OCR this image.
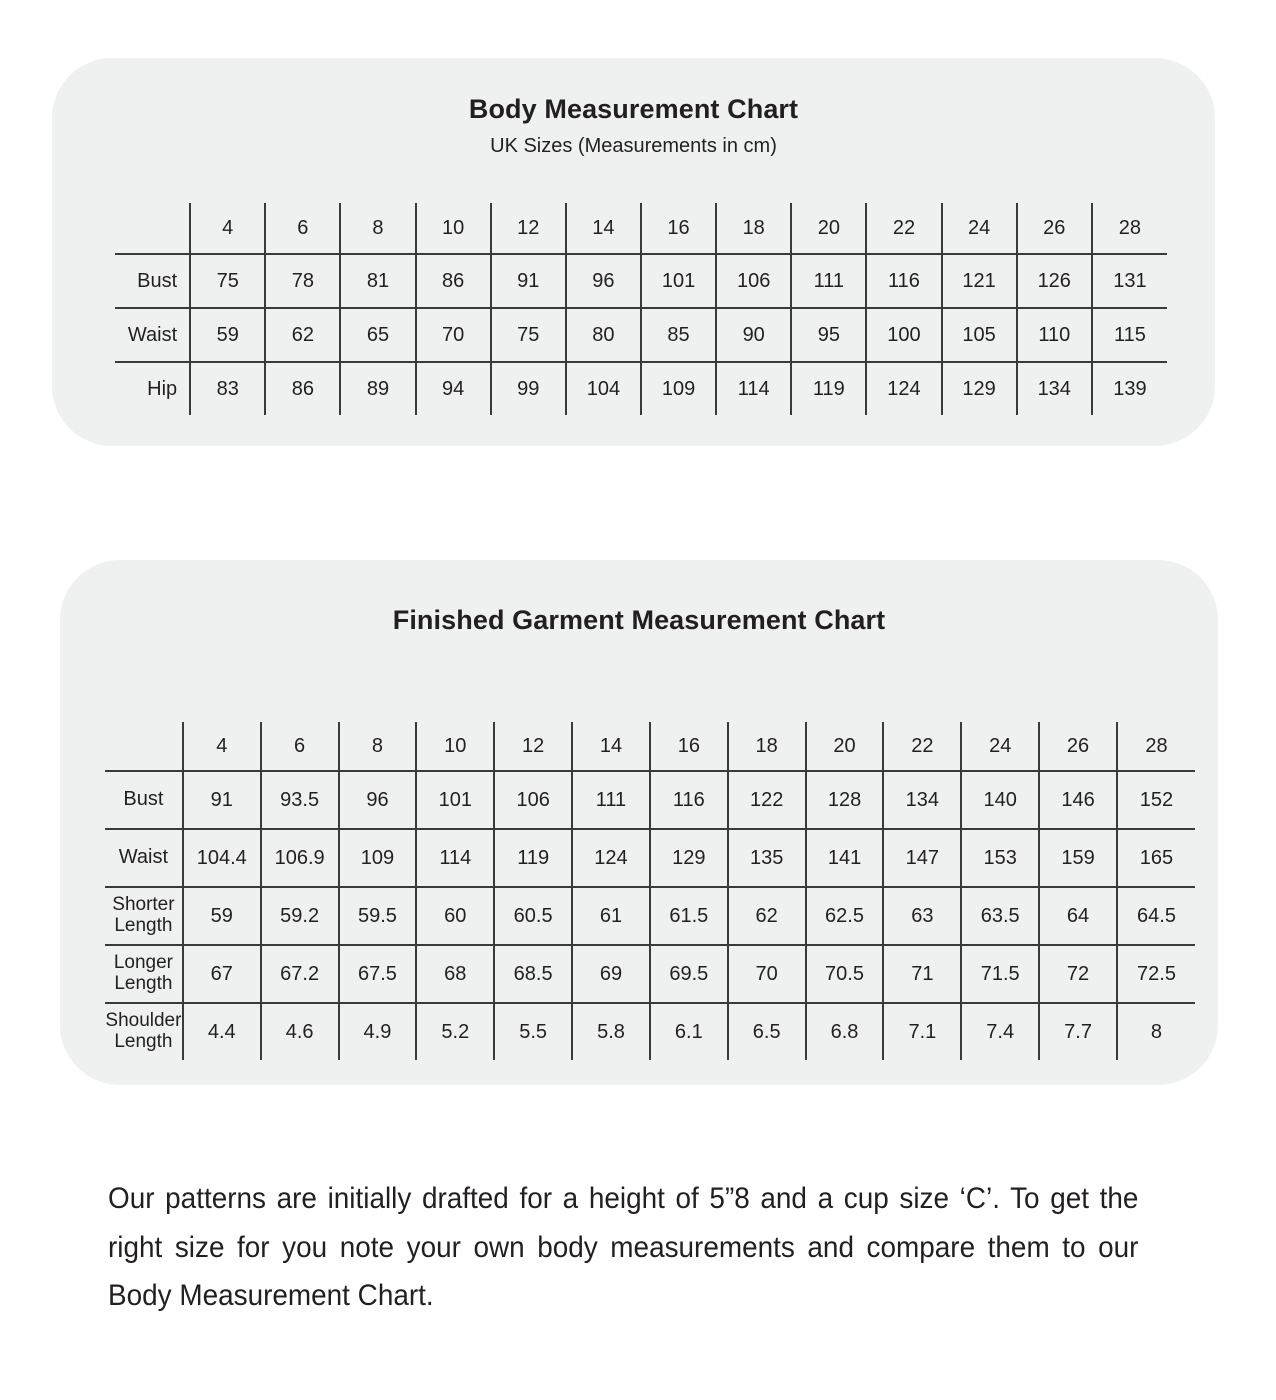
Body Measurement Chart
UK Sizes (Measurements in cm)
	4	6	8	10	12	14	16	18	20	22	24	26	28
Bust	75	78	81	86	91	96	101	106	111	116	121	126	131
Waist	59	62	65	70	75	80	85	90	95	100	105	110	115
Hip	83	86	89	94	99	104	109	114	119	124	129	134	139
Finished Garment Measurement Chart
	4	6	8	10	12	14	16	18	20	22	24	26	28
Bust	91	93.5	96	101	106	111	116	122	128	134	140	146	152
Waist	104.4	106.9	109	114	119	124	129	135	141	147	153	159	165

Shorter
Length	59	59.2	59.5	60	60.5	61	61.5	62	62.5	63	63.5	64	64.5

Longer
Length	67	67.2	67.5	68	68.5	69	69.5	70	70.5	71	71.5	72	72.5

Shoulder
Length	4.4	4.6	4.9	5.2	5.5	5.8	6.1	6.5	6.8	7.1	7.4	7.7	8

Our patterns are initially drafted for a height of 5”8 and a cup size ‘C’. To get the right size for you note your own body measurements and compare them to our Body Measurement Chart.
